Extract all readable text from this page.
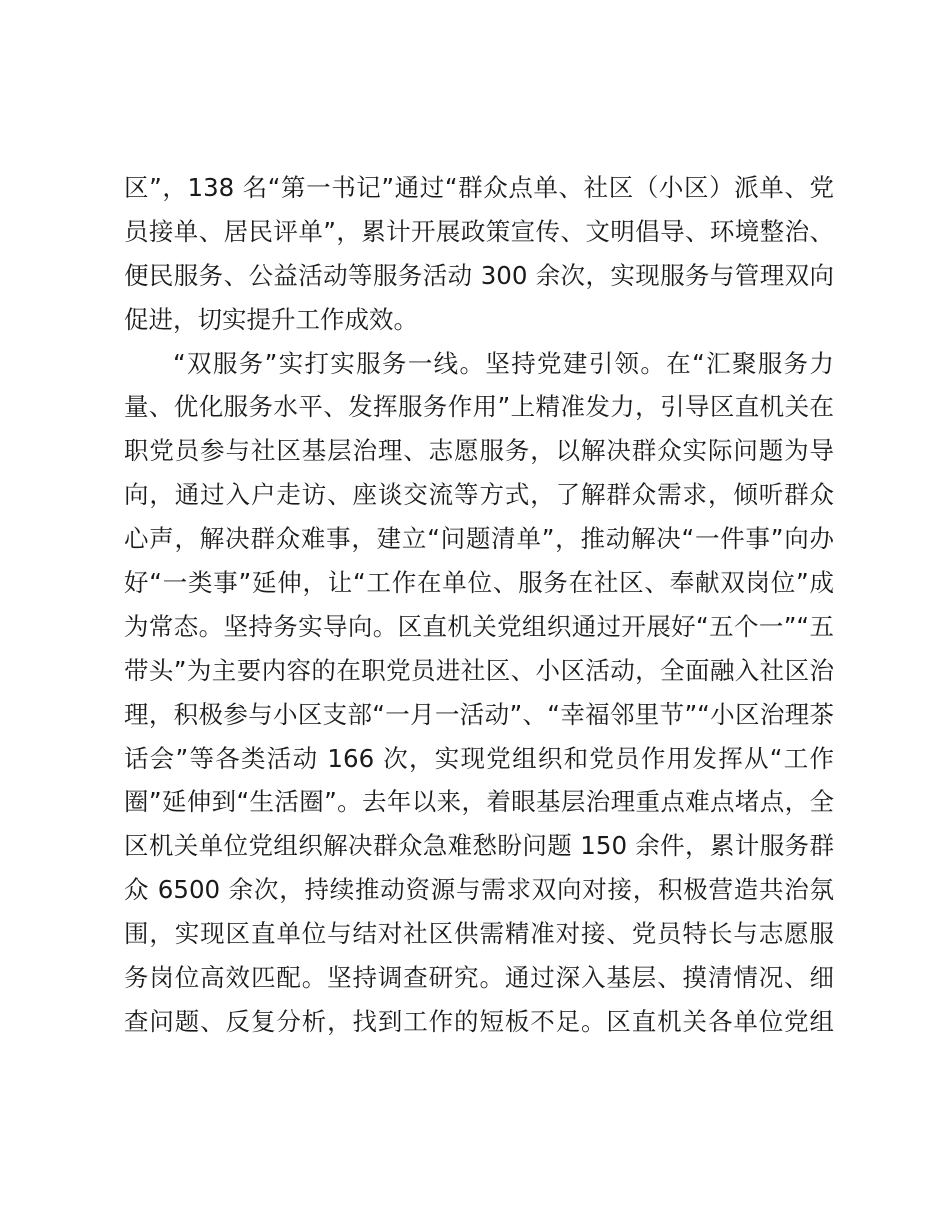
区”，138 名“第一书记”通过“群众点单、社区（小区）派单、党
员接单、居民评单”，累计开展政策宣传、文明倡导、环境整治、
便民服务、公益活动等服务活动 300 余次，实现服务与管理双向
促进，切实提升工作成效。
“双服务”实打实服务一线。坚持党建引领。在“汇聚服务力
量、优化服务水平、发挥服务作用”上精准发力，引导区直机关在
职党员参与社区基层治理、志愿服务，以解决群众实际问题为导
向，通过入户走访、座谈交流等方式，了解群众需求，倾听群众
心声，解决群众难事，建立“问题清单”，推动解决“一件事”向办
好“一类事”延伸，让“工作在单位、服务在社区、奉献双岗位”成
为常态。坚持务实导向。区直机关党组织通过开展好“五个一”“五
带头”为主要内容的在职党员进社区、小区活动，全面融入社区治
理，积极参与小区支部“一月一活动”、“幸福邻里节”“小区治理茶
话会”等各类活动 166 次，实现党组织和党员作用发挥从“工作
圈”延伸到“生活圈”。去年以来，着眼基层治理重点难点堵点，全
区机关单位党组织解决群众急难愁盼问题 150 余件，累计服务群
众 6500 余次，持续推动资源与需求双向对接，积极营造共治氛
围，实现区直单位与结对社区供需精准对接、党员特长与志愿服
务岗位高效匹配。坚持调查研究。通过深入基层、摸清情况、细
查问题、反复分析，找到工作的短板不足。区直机关各单位党组
